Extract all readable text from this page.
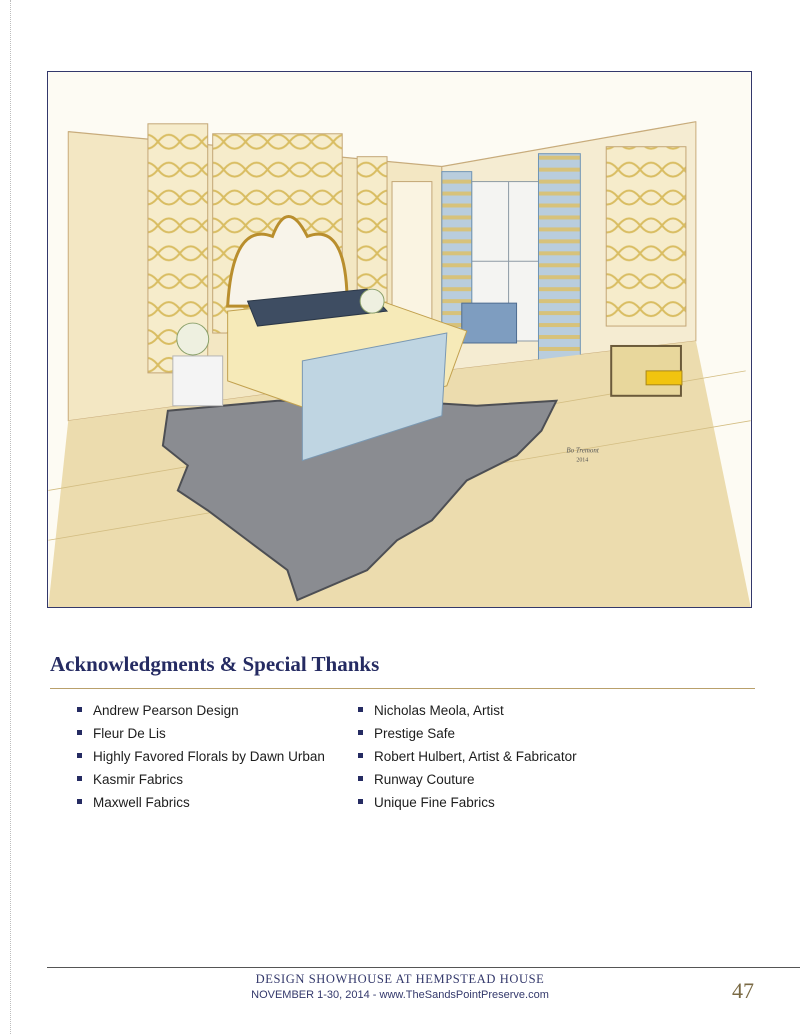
Bo Tremont
2014
Acknowledgments & Special Thanks
Andrew Pearson Design
Fleur De Lis
Highly Favored Florals by Dawn Urban
Kasmir Fabrics
Maxwell Fabrics
Nicholas Meola, Artist
Prestige Safe
Robert Hulbert, Artist & Fabricator
Runway Couture
Unique Fine Fabrics
DESIGN SHOWHOUSE AT HEMPSTEAD HOUSE
NOVEMBER 1-30, 2014 - www.TheSandsPointPreserve.com	47
